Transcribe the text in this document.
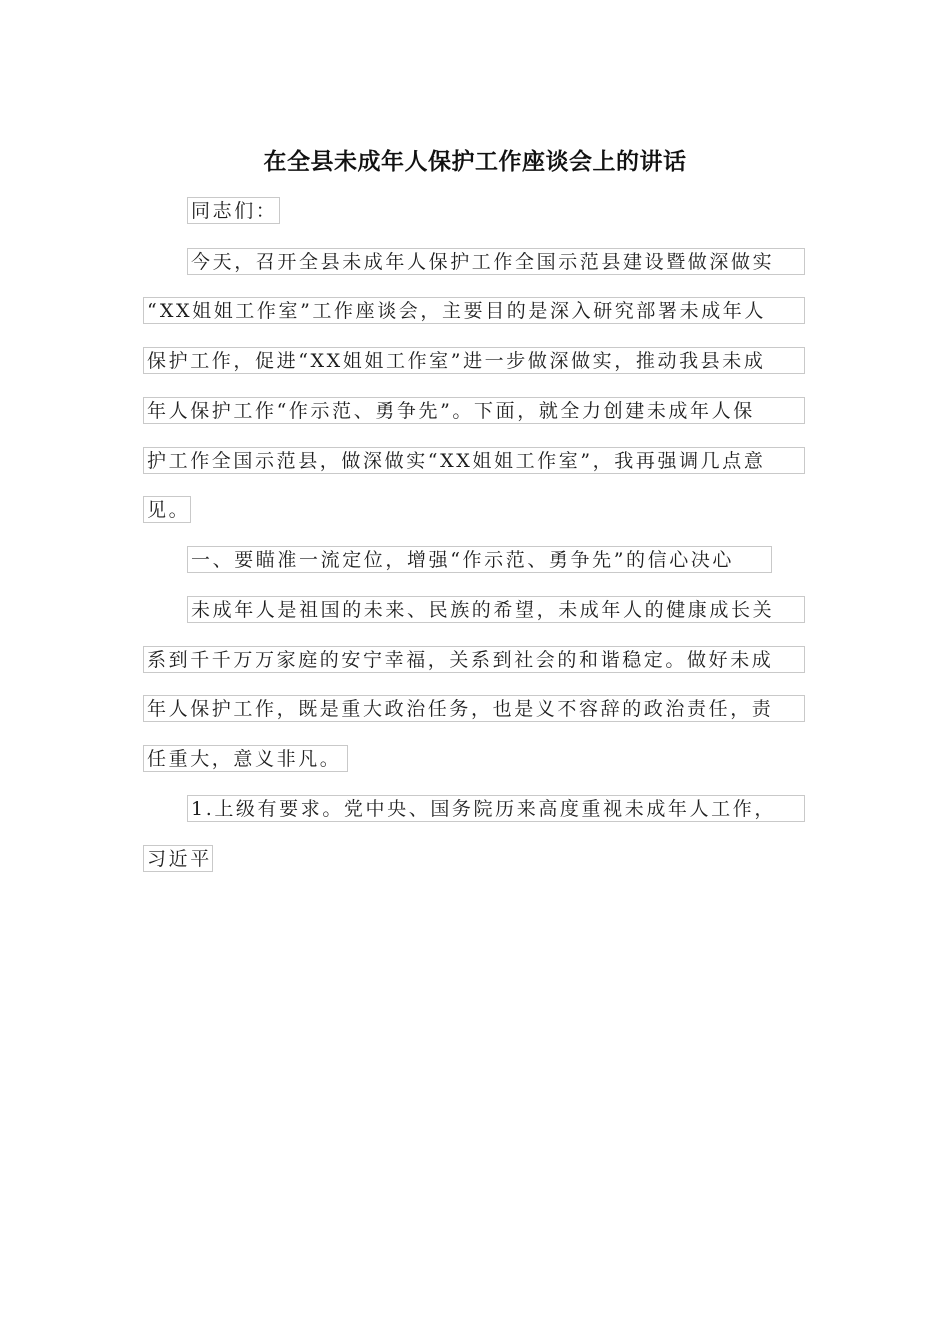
在全县未成年人保护工作座谈会上的讲话
同志们：
今天，召开全县未成年人保护工作全国示范县建设暨做深做实
“XX姐姐工作室”工作座谈会，主要目的是深入研究部署未成年人
保护工作，促进“XX姐姐工作室”进一步做深做实，推动我县未成
年人保护工作“作示范、勇争先”。下面，就全力创建未成年人保
护工作全国示范县，做深做实“XX姐姐工作室”，我再强调几点意
见。
一、要瞄准一流定位，增强“作示范、勇争先”的信心决心
未成年人是祖国的未来、民族的希望，未成年人的健康成长关
系到千千万万家庭的安宁幸福，关系到社会的和谐稳定。做好未成
年人保护工作，既是重大政治任务，也是义不容辞的政治责任，责
任重大，意义非凡。
1.上级有要求。党中央、国务院历来高度重视未成年人工作，
习近平
